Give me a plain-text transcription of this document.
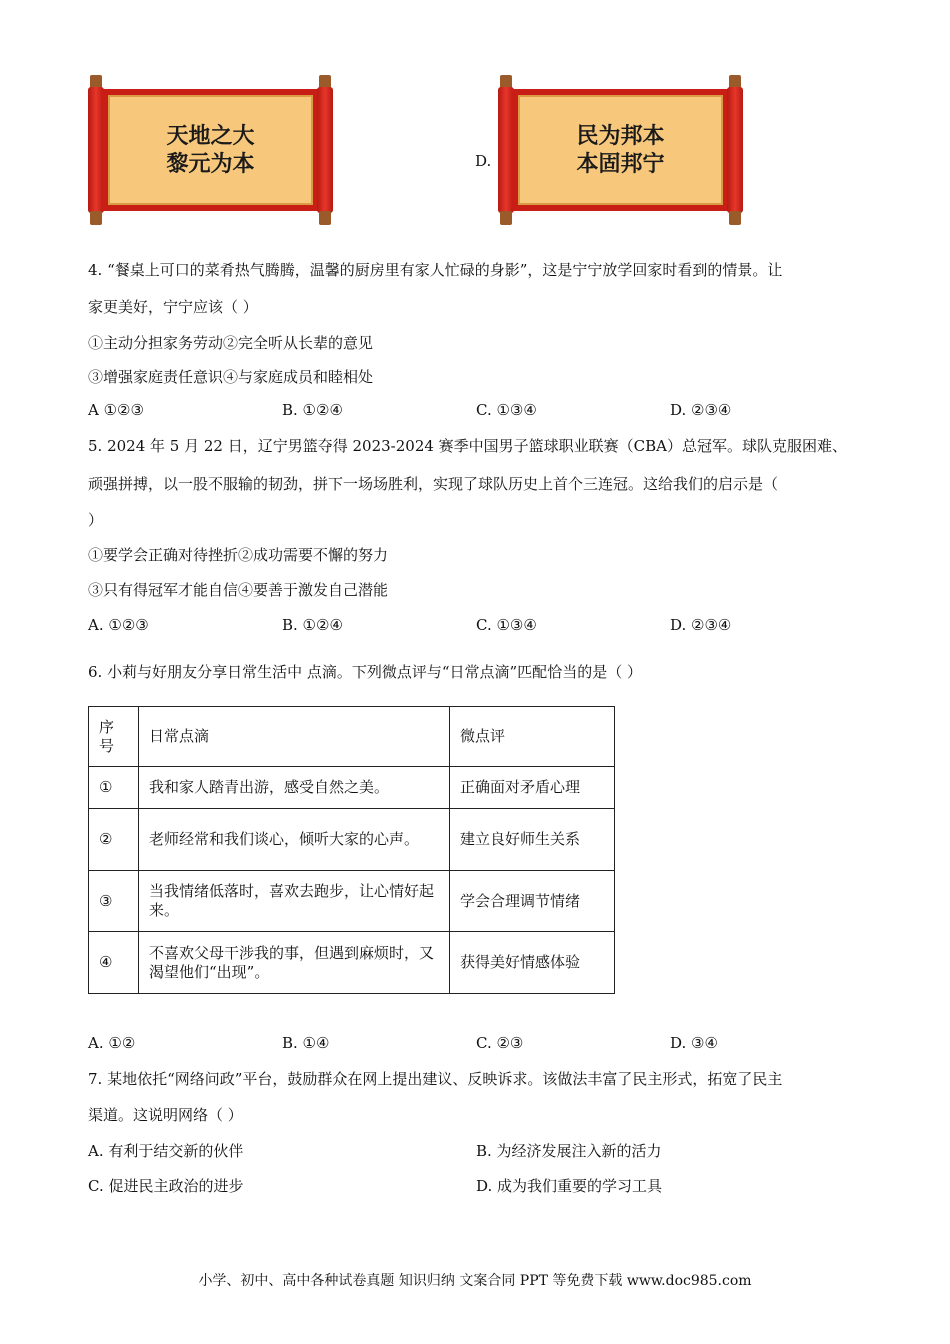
天地之大
黎元为本	D.
民为邦本
本固邦宁
4. “餐桌上可口的菜肴热气腾腾，温馨的厨房里有家人忙碌的身影”，这是宁宁放学回家时看到的情景。让
家更美好，宁宁应该（ ）
①主动分担家务劳动②完全听从长辈的意见
③增强家庭责任意识④与家庭成员和睦相处
A ①②③	B. ①②④	C. ①③④	D. ②③④
5. 2024 年 5 月 22 日，辽宁男篮夺得 2023-2024 赛季中国男子篮球职业联赛（CBA）总冠军。球队克服困难、
顽强拼搏，以一股不服输的韧劲，拼下一场场胜利，实现了球队历史上首个三连冠。这给我们的启示是（
）
①要学会正确对待挫折②成功需要不懈的努力
③只有得冠军才能自信④要善于激发自己潜能
A. ①②③	B. ①②④	C. ①③④	D. ②③④
6. 小莉与好朋友分享日常生活中 点滴。下列微点评与“日常点滴”匹配恰当的是（ ）
序号	日常点滴	微点评
①	我和家人踏青出游，感受自然之美。	正确面对矛盾心理
②	老师经常和我们谈心，倾听大家的心声。	建立良好师生关系
③	当我情绪低落时，喜欢去跑步，让心情好起来。	学会合理调节情绪
④	不喜欢父母干涉我的事，但遇到麻烦时，又渴望他们“出现”。	获得美好情感体验
A. ①②	B. ①④	C. ②③	D. ③④
7. 某地依托“网络问政”平台，鼓励群众在网上提出建议、反映诉求。该做法丰富了民主形式，拓宽了民主
渠道。这说明网络（ ）
A. 有利于结交新的伙伴	B. 为经济发展注入新的活力
C. 促进民主政治的进步	D. 成为我们重要的学习工具
小学、初中、高中各种试卷真题 知识归纳 文案合同 PPT 等免费下载 www.doc985.com
